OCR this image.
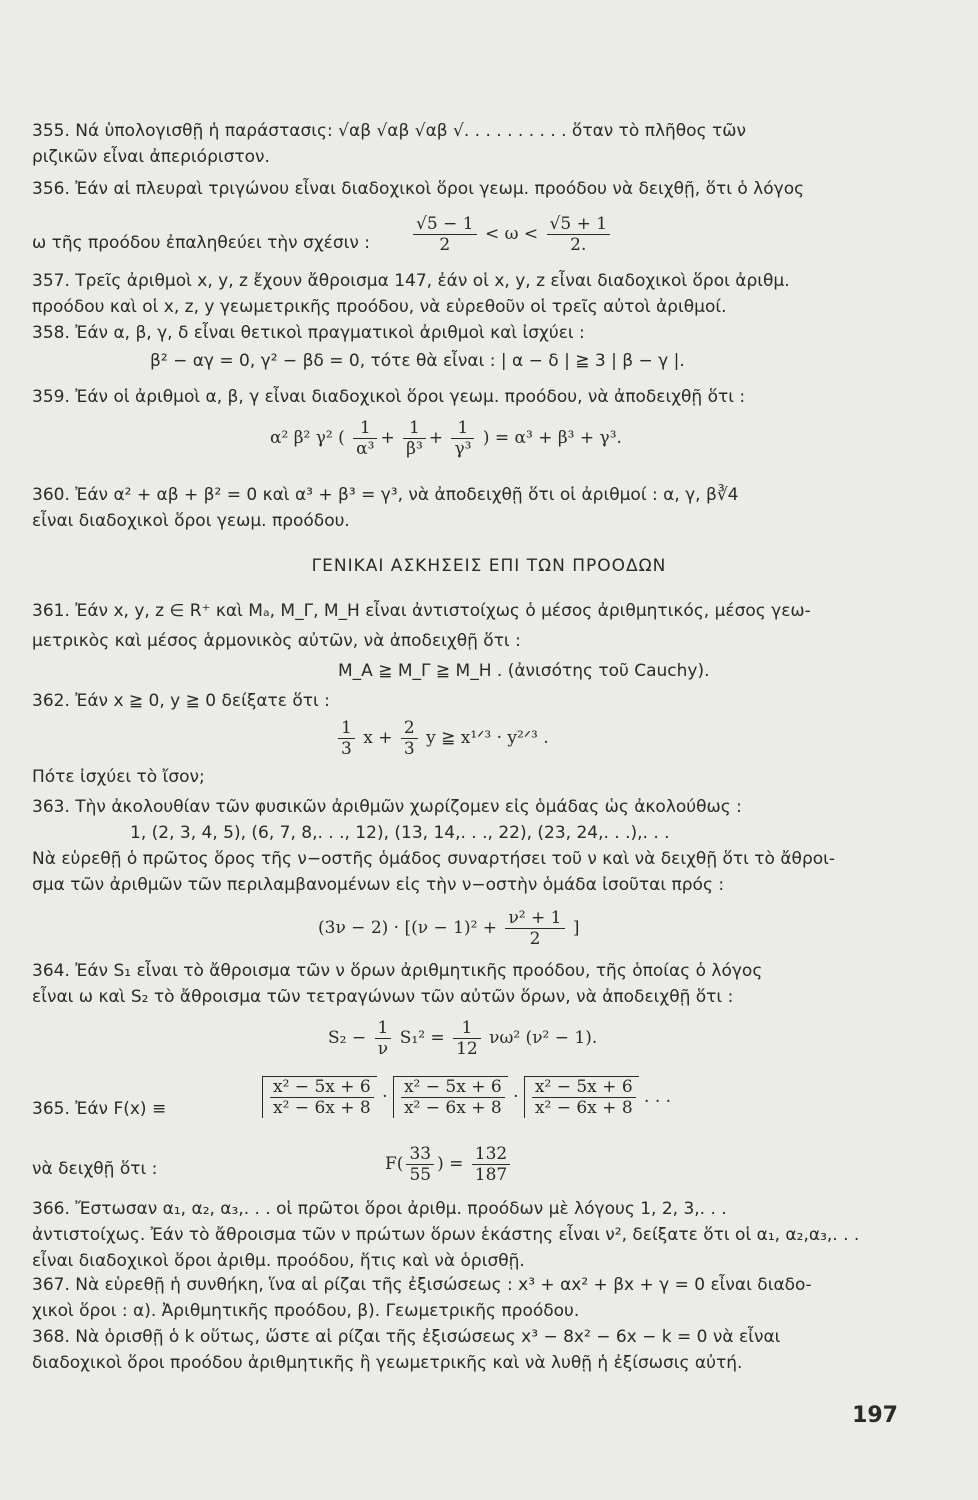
355. Νά ὑπολογισθῇ ἡ παράστασις: √αβ √αβ √αβ √. . . . . . . . . . ὅταν τὸ πλῆθος τῶν
ριζικῶν εἶναι ἀπεριόριστον.
356. Ἐάν αἱ πλευραὶ τριγώνου εἶναι διαδοχικοὶ ὅροι γεωμ. προόδου νὰ δειχθῇ, ὅτι ὁ λόγος
ω τῆς προόδου ἐπαληθεύει τὴν σχέσιν :	$\frac{√5 - 1}{2} < \omega < \frac{√5 + 1}{2.}$
357. Τρεῖς ἀριθμοὶ x, y, z ἔχουν ἄθροισμα 147, ἐάν οἱ x, y, z εἶναι διαδοχικοὶ ὅροι ἀριθμ.
προόδου καὶ οἱ x, z, y γεωμετρικῆς προόδου, νὰ εὑρεθοῦν οἱ τρεῖς αὐτοὶ ἀριθμοί.
358. Ἐάν α, β, γ, δ εἶναι θετικοὶ πραγματικοὶ ἀριθμοὶ καὶ ἰσχύει :
β² − αγ = 0, γ² − βδ = 0, τότε θὰ εἶναι : | α − δ | ≧ 3 | β − γ |.
359. Ἐάν οἱ ἀριθμοὶ α, β, γ εἶναι διαδοχικοὶ ὅροι γεωμ. προόδου, νὰ ἀποδειχθῇ ὅτι :
α² β² γ² ( $\frac{1}{\text{α³}} + \frac{1}{\text{β³}} + \frac{1}{\text{γ³}}$ ) = α³ + β³ + γ³.
360. Ἐάν α² + αβ + β² = 0 καὶ α³ + β³ = γ³, νὰ ἀποδειχθῇ ὅτι οἱ ἀριθμοί : α, γ, β∛4
εἶναι διαδοχικοὶ ὅροι γεωμ. προόδου.
ΓΕΝΙΚΑΙ ΑΣΚΗΣΕΙΣ ΕΠΙ ΤΩΝ ΠΡΟΟΔΩΝ
361. Ἐάν x, y, z ∈ R⁺ καὶ Mₐ, M_Γ, M_H εἶναι ἀντιστοίχως ὁ μέσος ἀριθμητικός, μέσος γεω-
μετρικὸς καὶ μέσος ἁρμονικὸς αὐτῶν, νὰ ἀποδειχθῇ ὅτι :
M_A ≧ M_Γ ≧ M_H . (ἀνισότης τοῦ Cauchy).
362. Ἐάν x ≧ 0, y ≧ 0 δείξατε ὅτι :
$\frac{1}{3}$ $x + \frac{2}{3}$ y ≧ x¹ᐟ³ · y²ᐟ³ .
Πότε ἰσχύει τὸ ἴσον;
363. Τὴν ἀκολουθίαν τῶν φυσικῶν ἀριθμῶν χωρίζομεν εἰς ὁμάδας ὡς ἀκολούθως :
1, (2, 3, 4, 5), (6, 7, 8,. . ., 12), (13, 14,. . ., 22), (23, 24,. . .),. . .
Νὰ εὑρεθῇ ὁ πρῶτος ὅρος τῆς ν−οστῆς ὁμάδος συναρτήσει τοῦ ν καὶ νὰ δειχθῇ ὅτι τὸ ἄθροι-
σμα τῶν ἀριθμῶν τῶν περιλαμβανομένων εἰς τὴν ν−οστὴν ὁμάδα ἰσοῦται πρός :
$(3\nu - 2) \cdot [(\nu - 1)^2 + \frac{\text{ν² + 1}}{2}$ ]
364. Ἐάν S₁ εἶναι τὸ ἄθροισμα τῶν ν ὅρων ἀριθμητικῆς προόδου, τῆς ὁποίας ὁ λόγος
εἶναι ω καὶ S₂ τὸ ἄθροισμα τῶν τετραγώνων τῶν αὐτῶν ὅρων, νὰ ἀποδειχθῇ ὅτι :
$S_2 - \frac{1}{\nu} S_1^2 = \frac{1}{12} \nu\omega^2$ (ν² − 1).
365. Ἐάν F(x) ≡	$\frac{\text{x² − 5x + 6}}{\text{x² − 6x + 8}} \cdot \frac{\text{x² − 5x + 6}}{\text{x² − 6x + 8}} \cdot \frac{\text{x² − 5x + 6}}{\text{x² − 6x + 8}}$ . . .
νὰ δειχθῇ ὅτι :	$F( \frac{33}{55}$ ) = $\frac{132}{187}$
366. Ἔστωσαν α₁, α₂, α₃,. . . οἱ πρῶτοι ὅροι ἀριθμ. προόδων μὲ λόγους 1, 2, 3,. . .
ἀντιστοίχως. Ἐάν τὸ ἄθροισμα τῶν ν πρώτων ὅρων ἑκάστης εἶναι ν², δείξατε ὅτι οἱ α₁, α₂,α₃,. . .
εἶναι διαδοχικοὶ ὅροι ἀριθμ. προόδου, ἥτις καὶ νὰ ὁρισθῇ.
367. Νὰ εὑρεθῇ ἡ συνθήκη, ἵνα αἱ ρίζαι τῆς ἐξισώσεως : x³ + αx² + βx + γ = 0 εἶναι διαδο-
χικοὶ ὅροι : α). Ἀριθμητικῆς προόδου, β). Γεωμετρικῆς προόδου.
368. Νὰ ὁρισθῇ ὁ k οὕτως, ὥστε αἱ ρίζαι τῆς ἐξισώσεως x³ − 8x² − 6x − k = 0 νὰ εἶναι
διαδοχικοὶ ὅροι προόδου ἀριθμητικῆς ἢ γεωμετρικῆς καὶ νὰ λυθῇ ἡ ἐξίσωσις αὐτή.
197
